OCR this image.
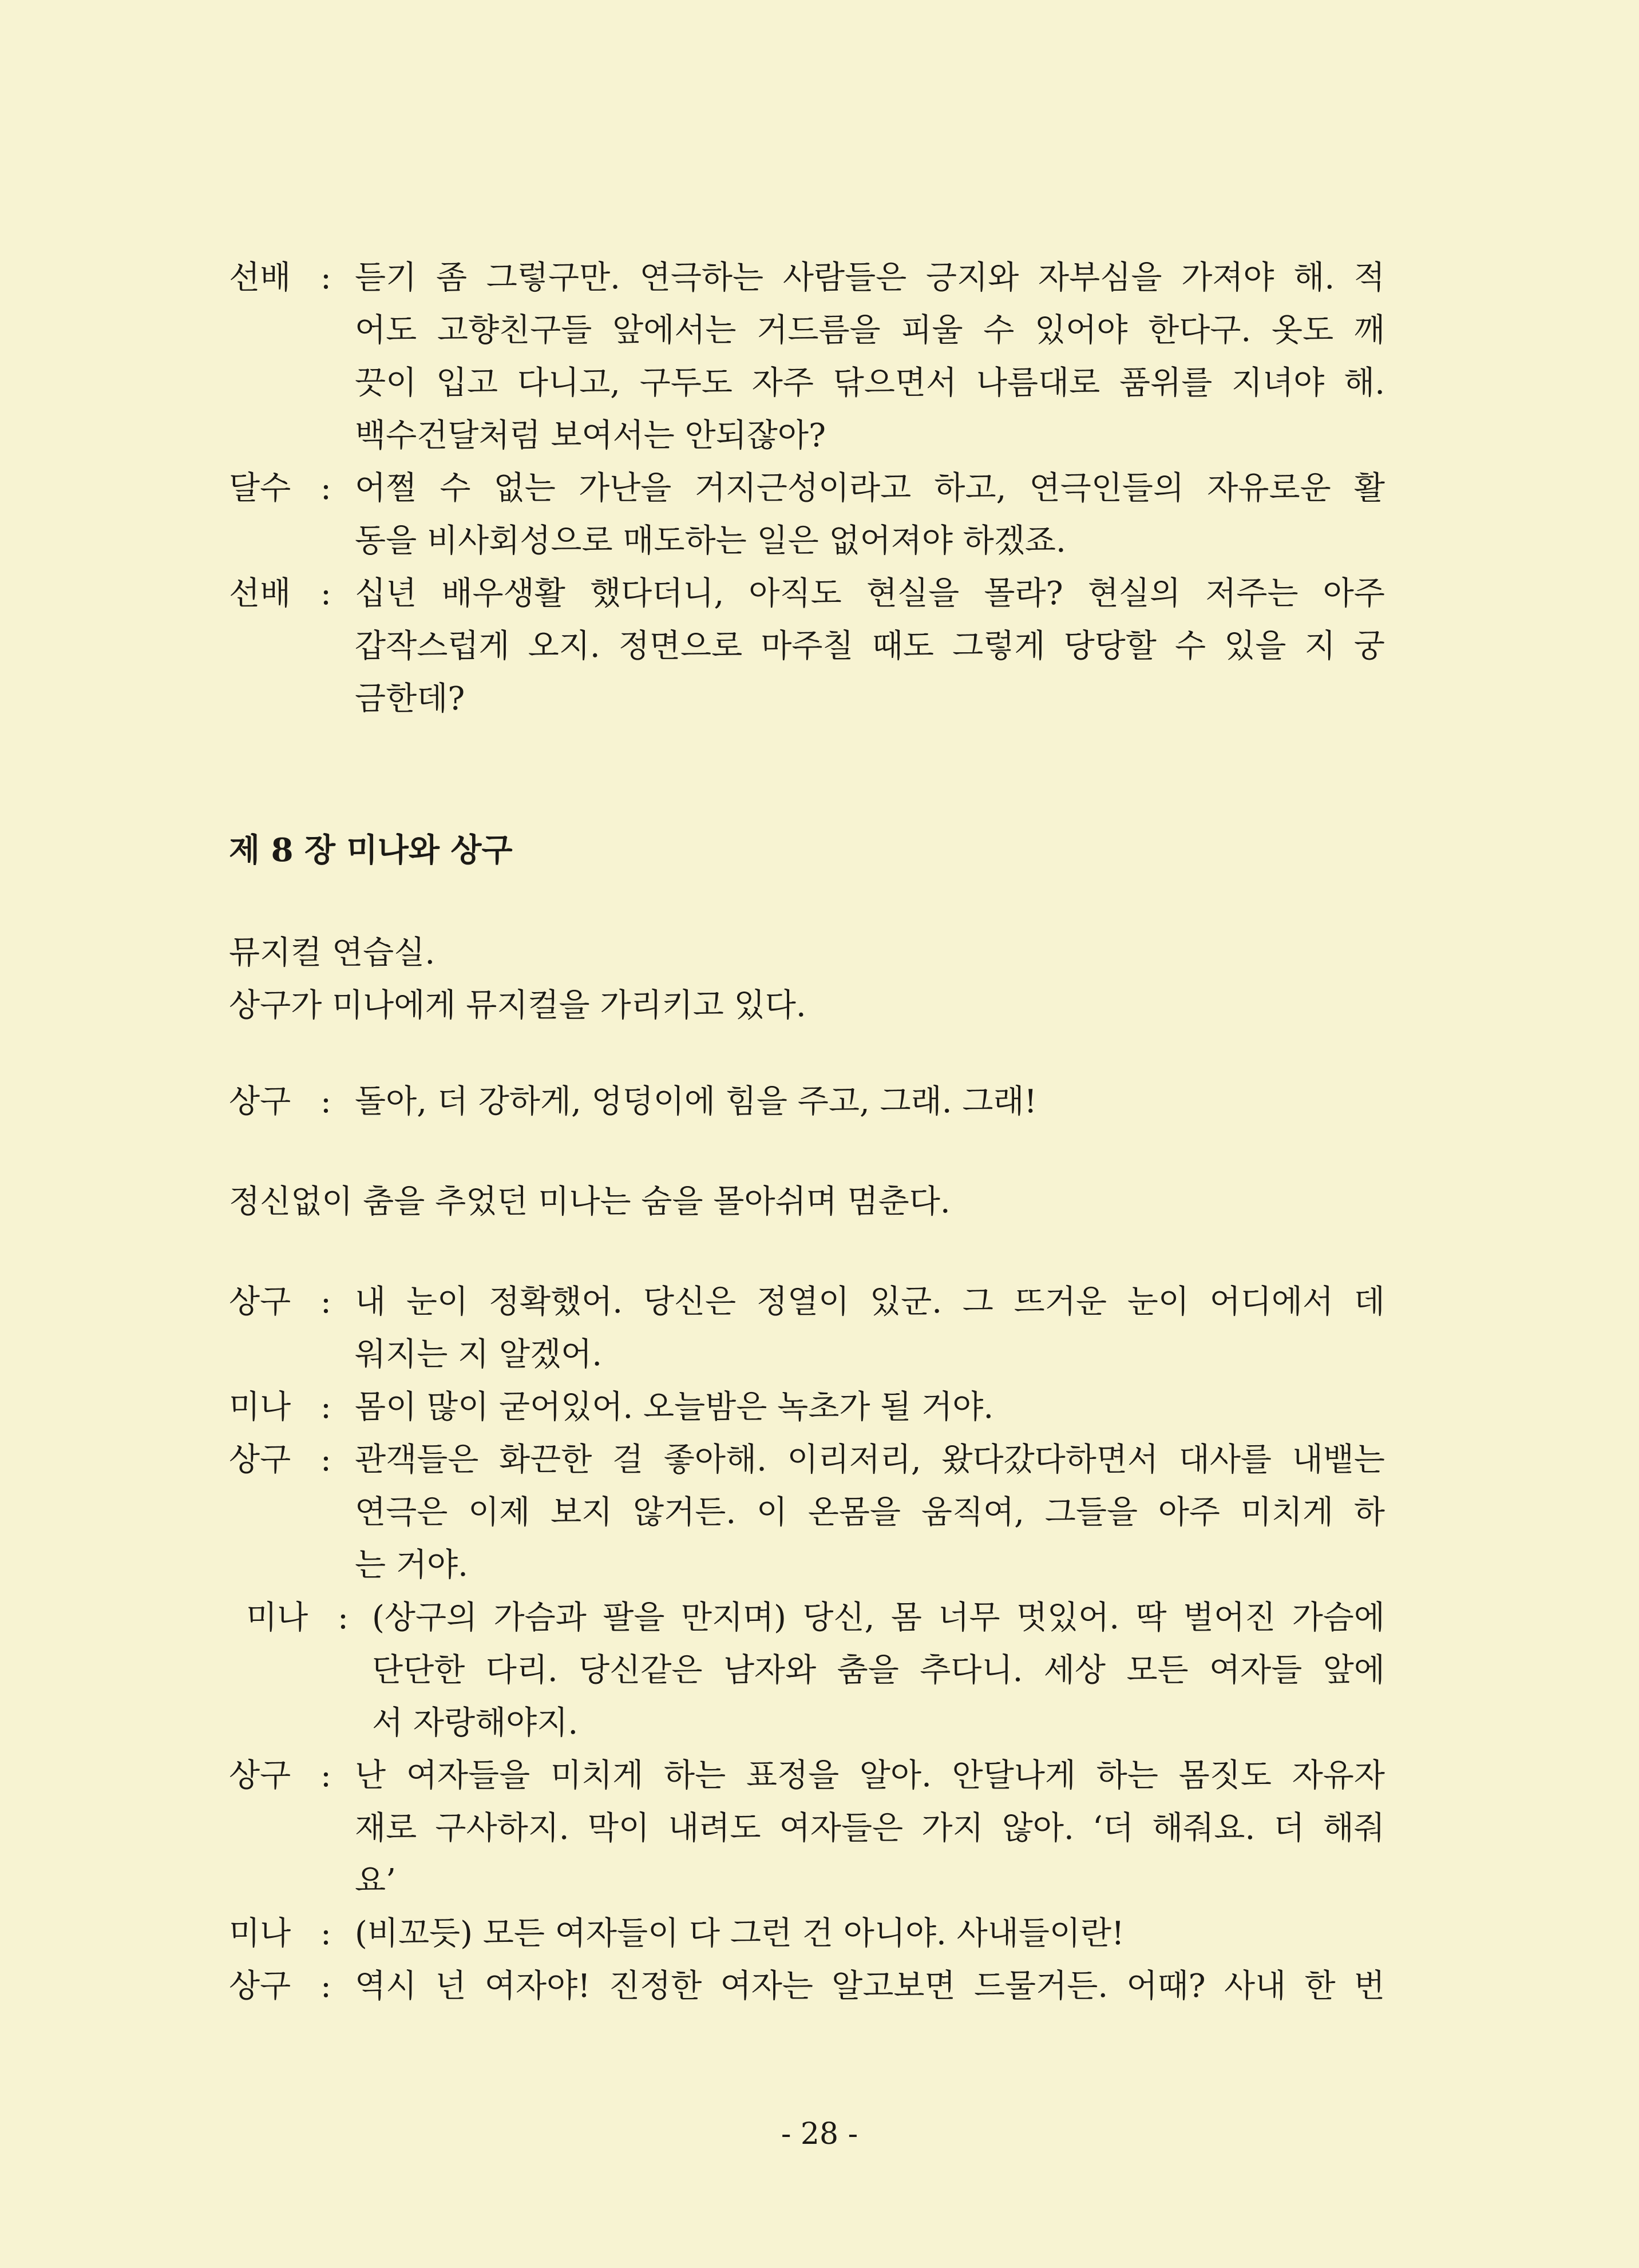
선배 : 듣기 좀 그렇구만. 연극하는 사람들은 긍지와 자부심을 가져야 해. 적
어도 고향친구들 앞에서는 거드름을 피울 수 있어야 한다구. 옷도 깨
끗이 입고 다니고, 구두도 자주 닦으면서 나름대로 품위를 지녀야 해.
백수건달처럼 보여서는 안되잖아?
달수 : 어쩔 수 없는 가난을 거지근성이라고 하고, 연극인들의 자유로운 활
동을 비사회성으로 매도하는 일은 없어져야 하겠죠.
선배 : 십년 배우생활 했다더니, 아직도 현실을 몰라? 현실의 저주는 아주
갑작스럽게 오지. 정면으로 마주칠 때도 그렇게 당당할 수 있을 지 궁
금한데?
제 8 장 미나와 상구
뮤지컬 연습실.
상구가 미나에게 뮤지컬을 가리키고 있다.
상구 : 돌아, 더 강하게, 엉덩이에 힘을 주고, 그래. 그래!
정신없이 춤을 추었던 미나는 숨을 몰아쉬며 멈춘다.
상구 : 내 눈이 정확했어. 당신은 정열이 있군. 그 뜨거운 눈이 어디에서 데
워지는 지 알겠어.
미나 : 몸이 많이 굳어있어. 오늘밤은 녹초가 될 거야.
상구 : 관객들은 화끈한 걸 좋아해. 이리저리, 왔다갔다하면서 대사를 내뱉는
연극은 이제 보지 않거든. 이 온몸을 움직여, 그들을 아주 미치게 하
는 거야.
미나 : (상구의 가슴과 팔을 만지며) 당신, 몸 너무 멋있어. 딱 벌어진 가슴에
단단한 다리. 당신같은 남자와 춤을 추다니. 세상 모든 여자들 앞에
서 자랑해야지.
상구 : 난 여자들을 미치게 하는 표정을 알아. 안달나게 하는 몸짓도 자유자
재로 구사하지. 막이 내려도 여자들은 가지 않아. ‘더 해줘요. 더 해줘
요’
미나 : (비꼬듯) 모든 여자들이 다 그런 건 아니야. 사내들이란!
상구 : 역시 넌 여자야! 진정한 여자는 알고보면 드물거든. 어때? 사내 한 번
- 28 -
